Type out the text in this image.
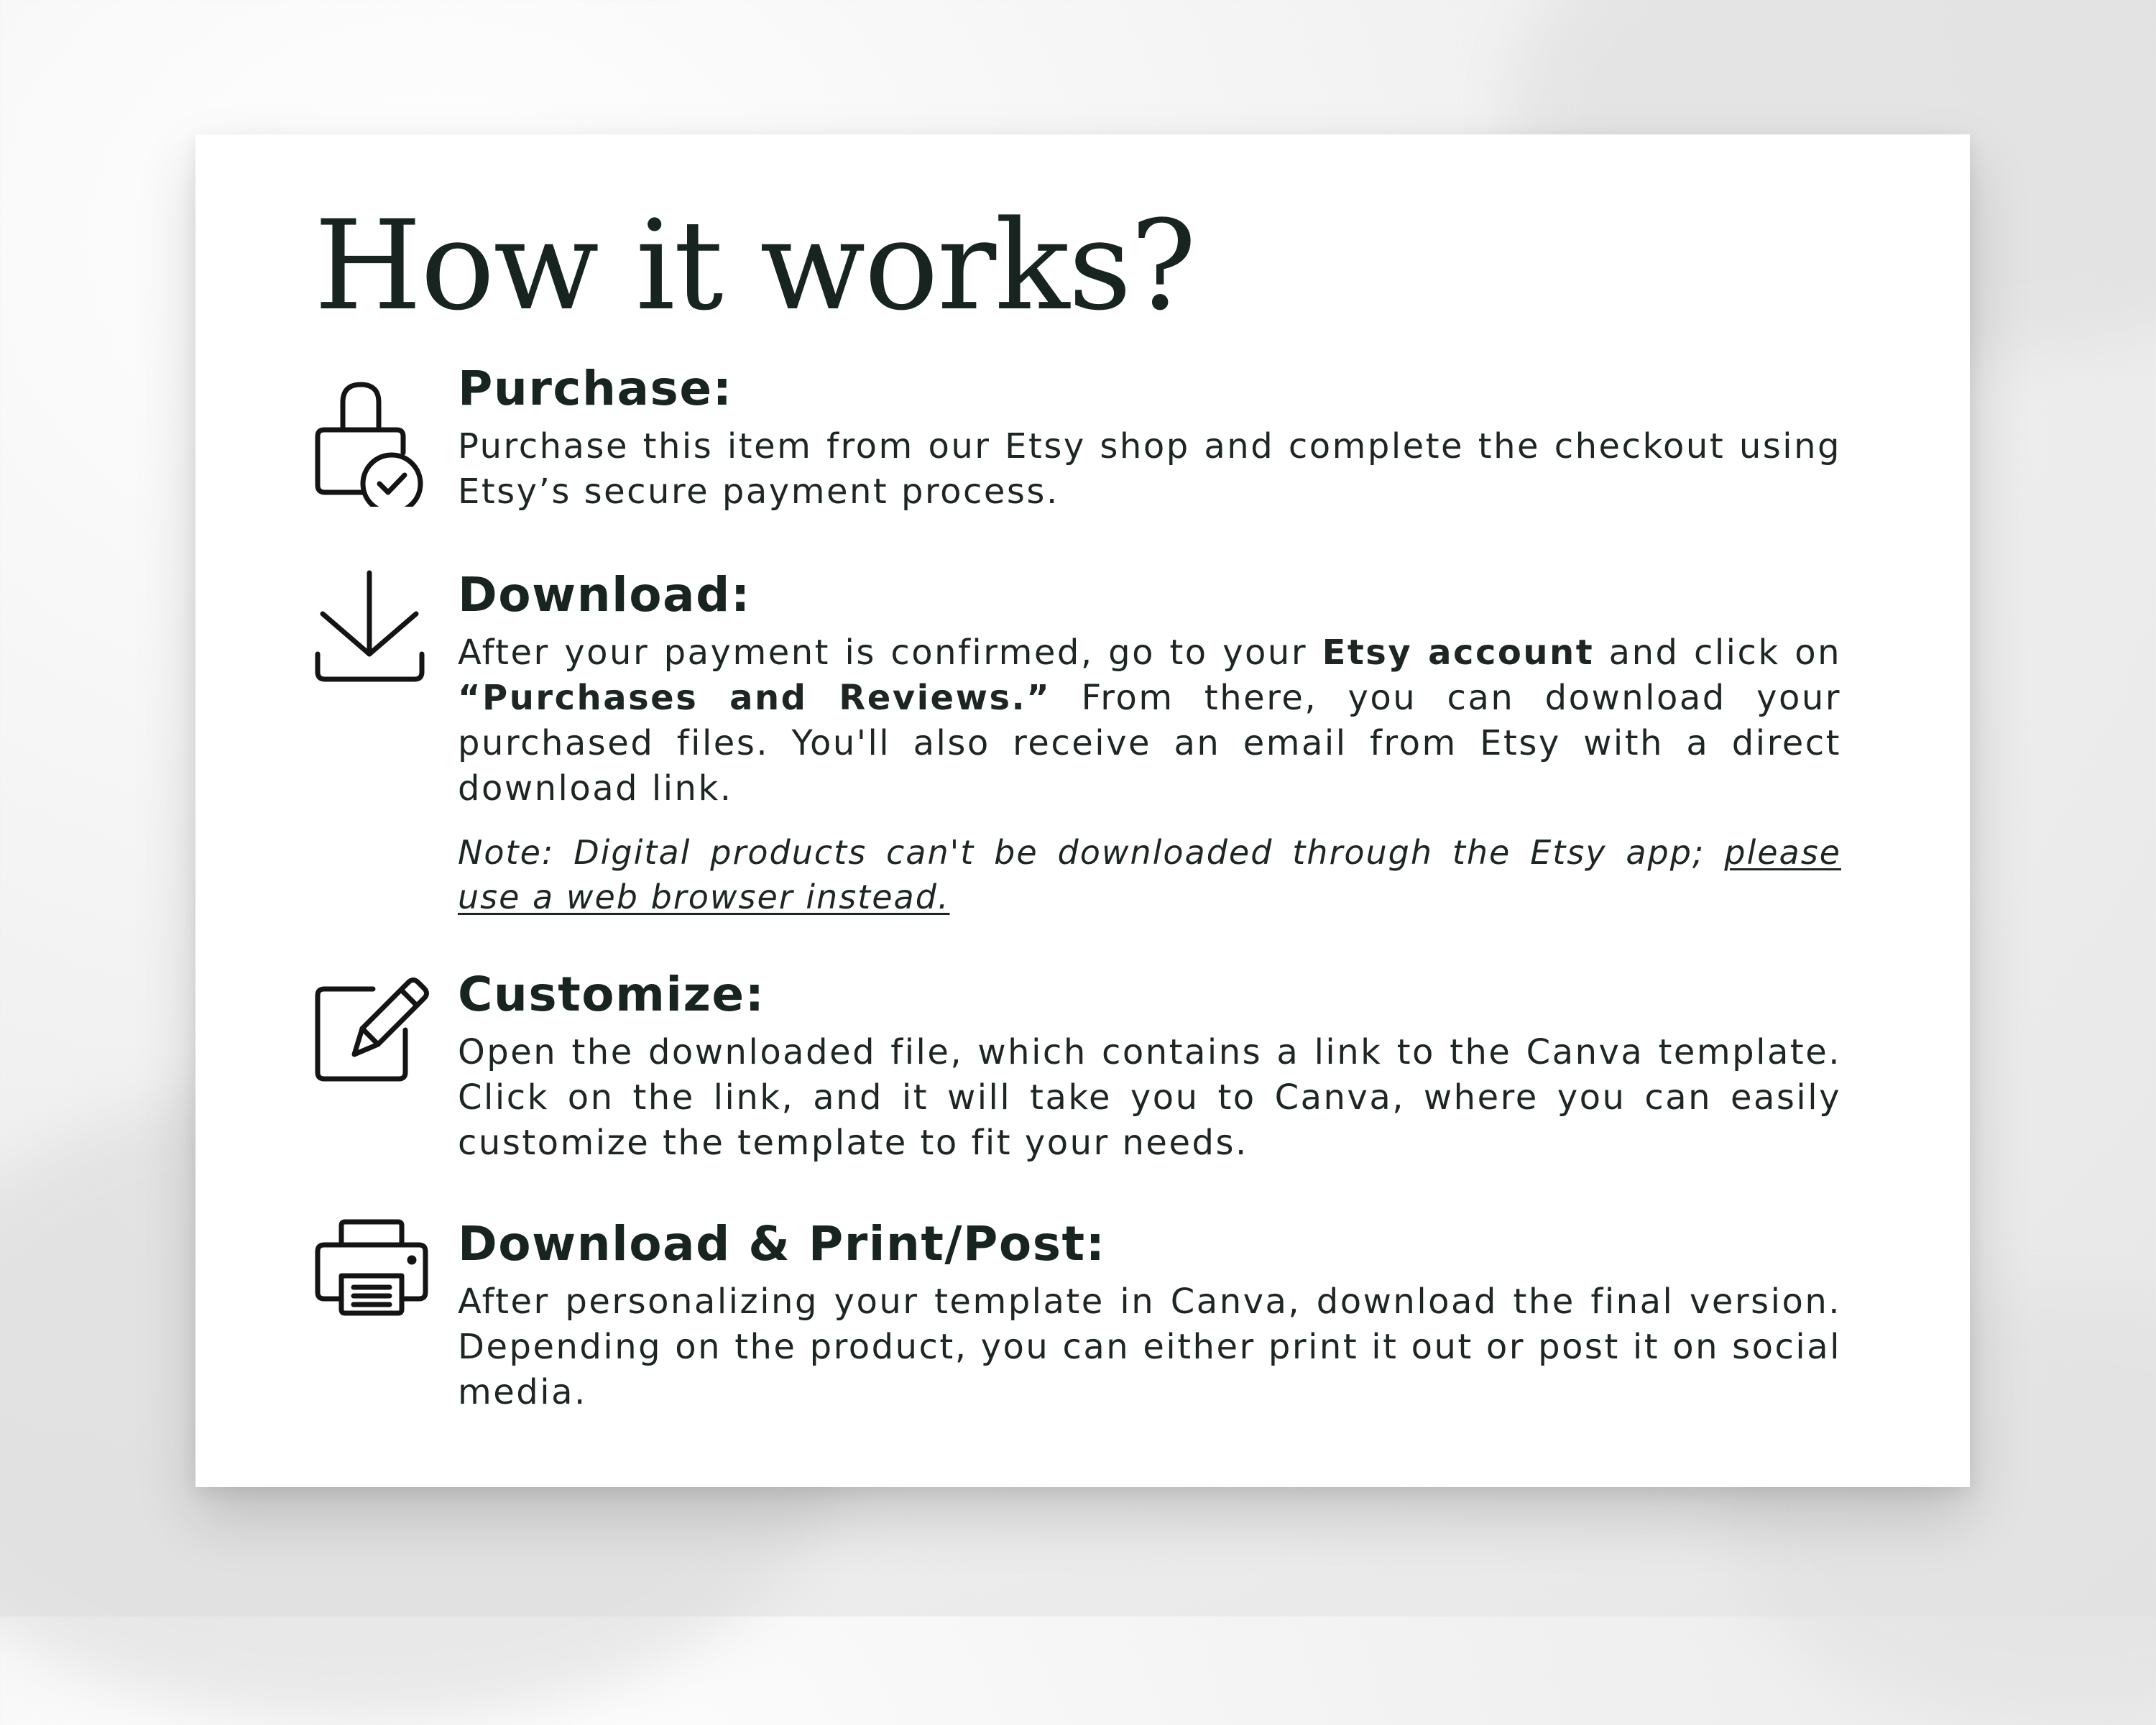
How it works?
Purchase:

Purchase this item from our Etsy shop and complete the checkout using Etsy’s secure payment process.

Download:

After your payment is confirmed, go to your Etsy account and click on “Purchases and Reviews.” From there, you can download your purchased files. You'll also receive an email from Etsy with a direct download link.

Note: Digital products can't be downloaded through the Etsy app; please use a web browser instead.

Customize:

Open the downloaded file, which contains a link to the Canva template. Click on the link, and it will take you to Canva, where you can easily customize the template to fit your needs.

Download & Print/Post:

After personalizing your template in Canva, download the final version. Depending on the product, you can either print it out or post it on social media.
